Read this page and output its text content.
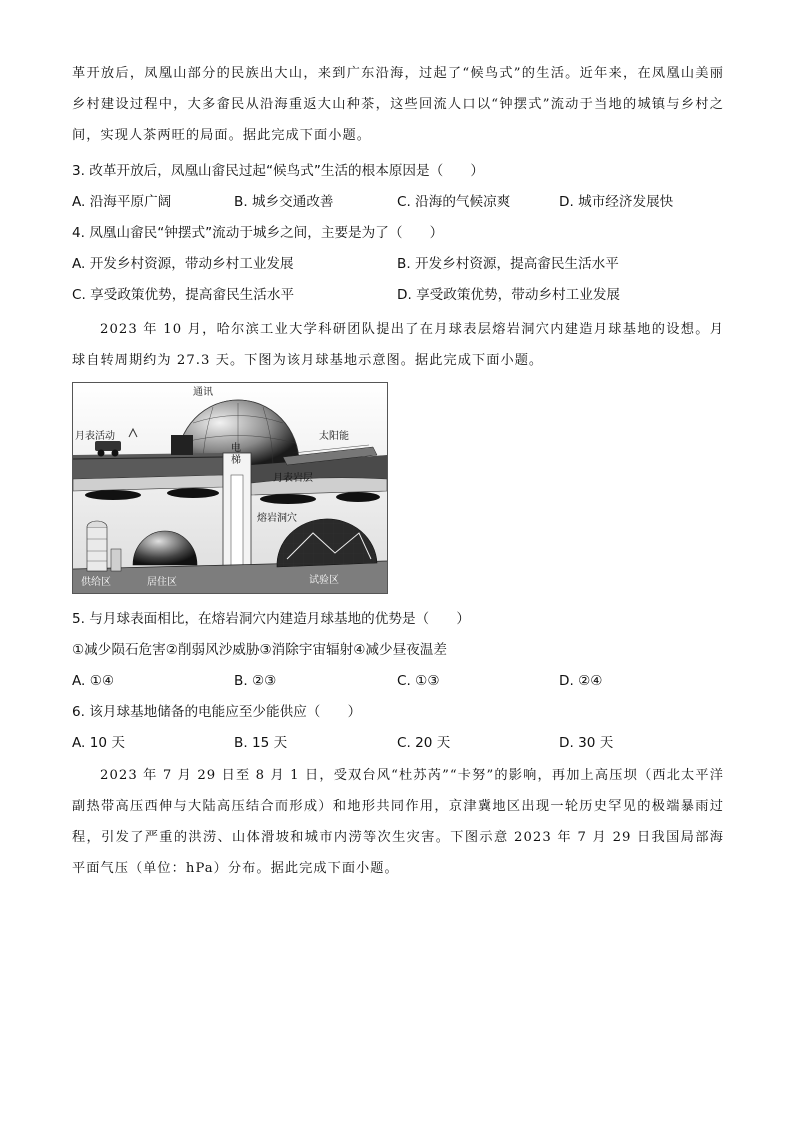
革开放后，凤凰山部分的民族出大山，来到广东沿海，过起了“候鸟式”的生活。近年来，在凤凰山美丽乡村建设过程中，大多畲民从沿海重返大山种茶，这些回流人口以“钟摆式”流动于当地的城镇与乡村之间，实现人茶两旺的局面。据此完成下面小题。
3. 改革开放后，凤凰山畲民过起“候鸟式”生活的根本原因是（　　）
A. 沿海平原广阔	B. 城乡交通改善	C. 沿海的气候凉爽	D. 城市经济发展快
4. 凤凰山畲民“钟摆式”流动于城乡之间，主要是为了（　　）
A. 开发乡村资源，带动乡村工业发展	B. 开发乡村资源，提高畲民生活水平
C. 享受政策优势，提高畲民生活水平	D. 享受政策优势，带动乡村工业发展
2023 年 10 月，哈尔滨工业大学科研团队提出了在月球表层熔岩洞穴内建造月球基地的设想。月球自转周期约为 27.3 天。下图为该月球基地示意图。据此完成下面小题。
通讯
月表活动
电梯
太阳能
月表岩层
熔岩洞穴
供给区	居住区	试验区
5. 与月球表面相比，在熔岩洞穴内建造月球基地的优势是（　　）
①减少陨石危害②削弱风沙威胁③消除宇宙辐射④减少昼夜温差
A. ①④	B. ②③	C. ①③	D. ②④
6. 该月球基地储备的电能应至少能供应（　　）
A. 10 天	B. 15 天	C. 20 天	D. 30 天
2023 年 7 月 29 日至 8 月 1 日，受双台风“杜苏芮”“卡努”的影响，再加上高压坝（西北太平洋副热带高压西伸与大陆高压结合而形成）和地形共同作用，京津冀地区出现一轮历史罕见的极端暴雨过程，引发了严重的洪涝、山体滑坡和城市内涝等次生灾害。下图示意 2023 年 7 月 29 日我国局部海平面气压（单位：hPa）分布。据此完成下面小题。
